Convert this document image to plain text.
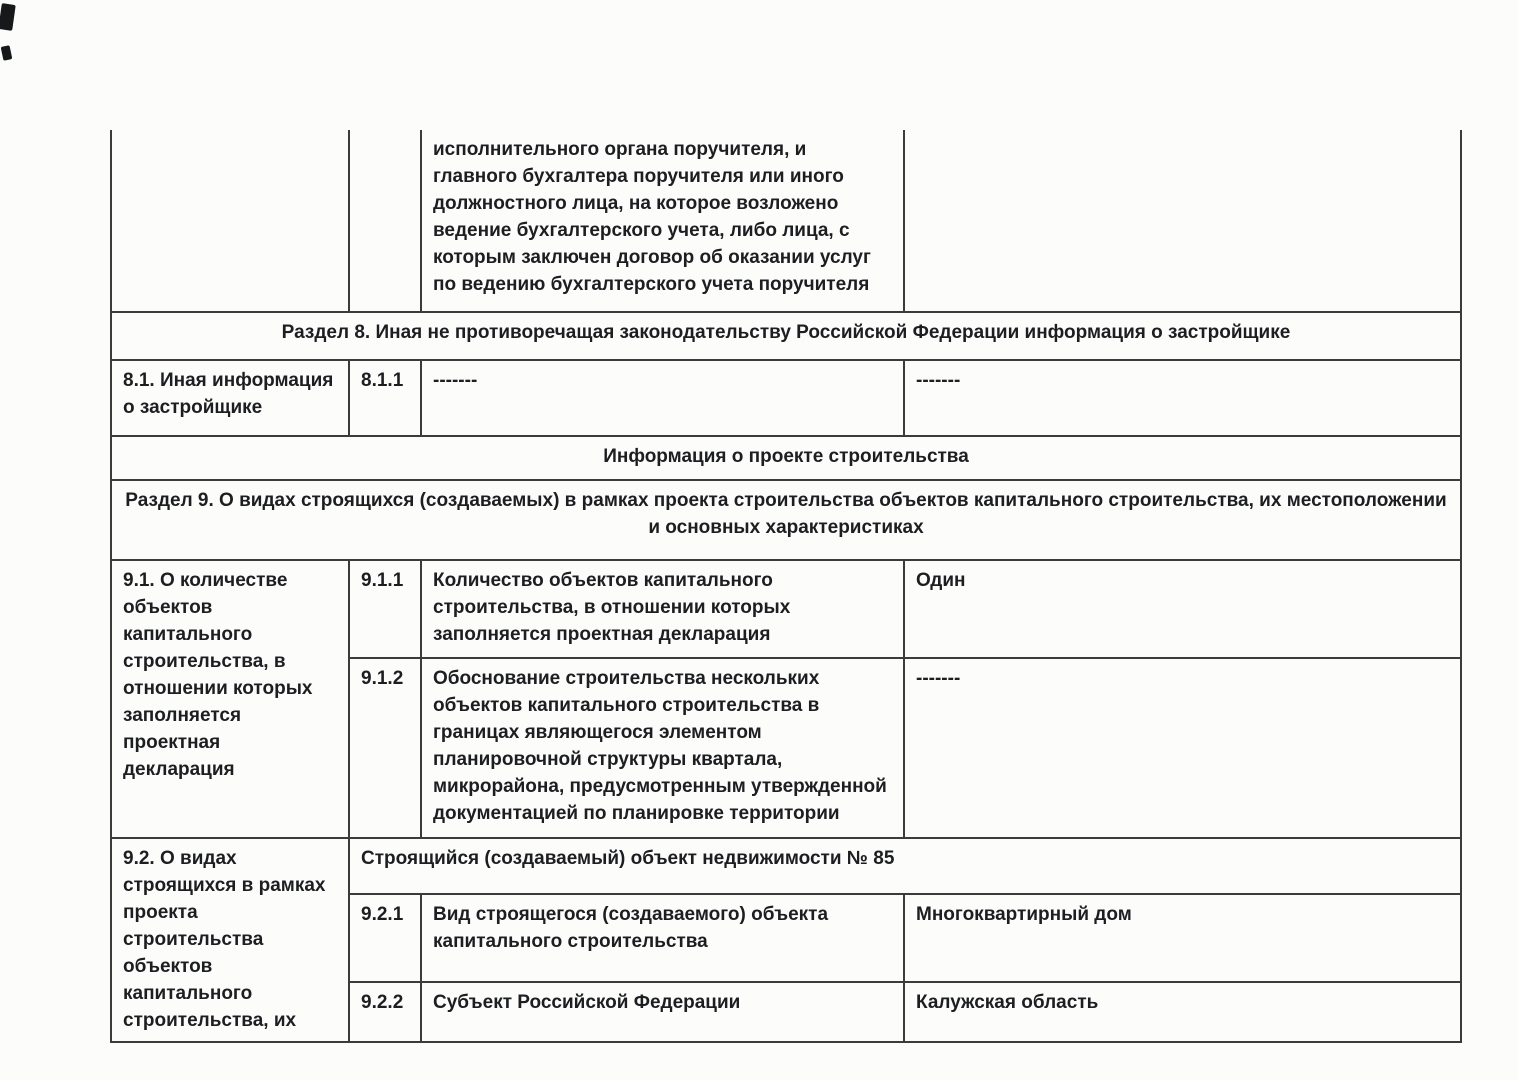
		исполнительного органа поручителя, и главного бухгалтера поручителя или иного должностного лица, на которое возложено ведение бухгалтерского учета, либо лица, с которым заключен договор об оказании услуг по ведению бухгалтерского учета поручителя	
Раздел 8. Иная не противоречащая законодательству Российской Федерации информация о застройщике			
8.1. Иная информация о застройщике	8.1.1	-------	-------
Информация о проекте строительства			
Раздел 9. О видах строящихся (создаваемых) в рамках проекта строительства объектов капитального строительства, их местоположении и основных характеристиках			
9.1. О количестве объектов капитального строительства, в отношении которых заполняется проектная декларация	9.1.1	Количество объектов капитального строительства, в отношении которых заполняется проектная декларация	Один
	9.1.2	Обоснование строительства нескольких объектов капитального строительства в границах являющегося элементом планировочной структуры квартала, микрорайона, предусмотренным утвержденной документацией по планировке территории	-------
9.2. О видах строящихся в рамках проекта строительства объектов капитального строительства, их	Строящийся (создаваемый) объект недвижимости № 85		
	9.2.1	Вид строящегося (создаваемого) объекта капитального строительства	Многоквартирный дом
	9.2.2	Субъект Российской Федерации	Калужская область
